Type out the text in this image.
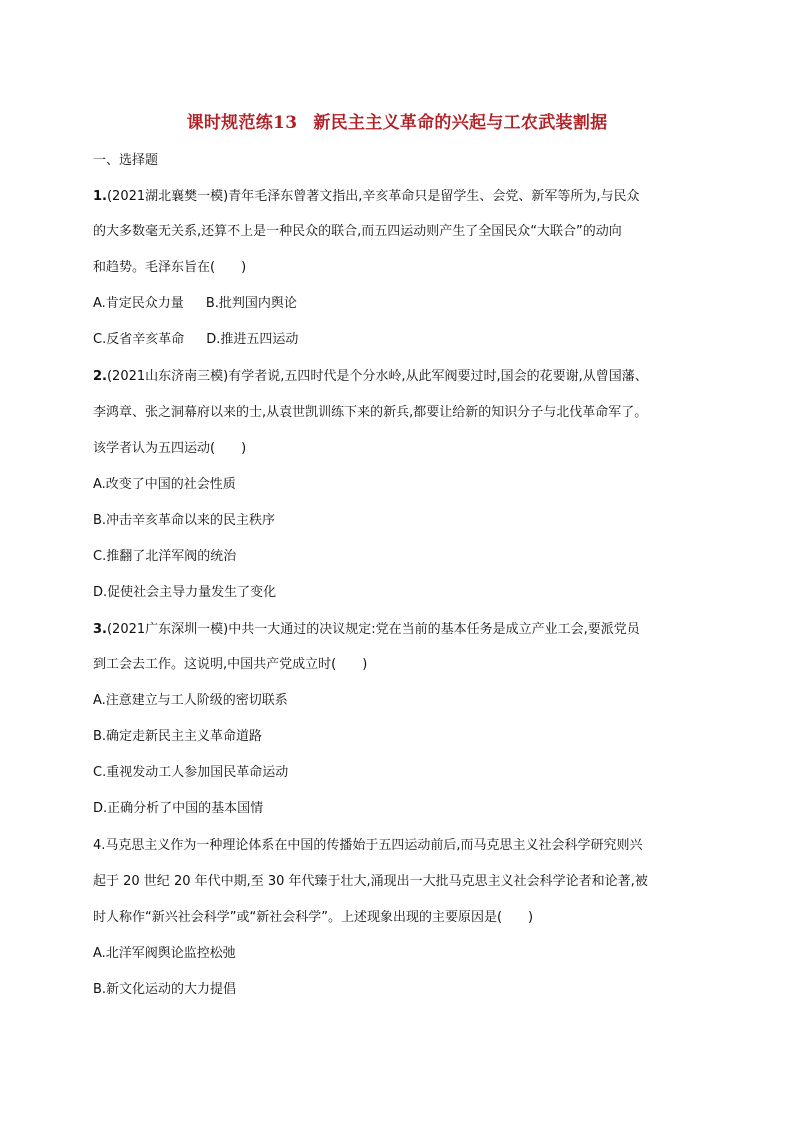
课时规范练13 新民主主义革命的兴起与工农武装割据
一、选择题
1.(2021湖北襄樊一模)青年毛泽东曾著文指出,辛亥革命只是留学生、会党、新军等所为,与民众
的大多数毫无关系,还算不上是一种民众的联合,而五四运动则产生了全国民众“大联合”的动向
和趋势。毛泽东旨在(　　)
A.肯定民众力量 B.批判国内舆论
C.反省辛亥革命 D.推进五四运动
2.(2021山东济南三模)有学者说,五四时代是个分水岭,从此军阀要过时,国会的花要谢,从曾国藩、
李鸿章、张之洞幕府以来的士,从袁世凯训练下来的新兵,都要让给新的知识分子与北伐革命军了。
该学者认为五四运动(　　)
A.改变了中国的社会性质
B.冲击辛亥革命以来的民主秩序
C.推翻了北洋军阀的统治
D.促使社会主导力量发生了变化
3.(2021广东深圳一模)中共一大通过的决议规定:党在当前的基本任务是成立产业工会,要派党员
到工会去工作。这说明,中国共产党成立时(　　)
A.注意建立与工人阶级的密切联系
B.确定走新民主主义革命道路
C.重视发动工人参加国民革命运动
D.正确分析了中国的基本国情
4.马克思主义作为一种理论体系在中国的传播始于五四运动前后,而马克思主义社会科学研究则兴
起于 20 世纪 20 年代中期,至 30 年代臻于壮大,涌现出一大批马克思主义社会科学论者和论著,被
时人称作“新兴社会科学”或“新社会科学”。上述现象出现的主要原因是(　　)
A.北洋军阀舆论监控松弛
B.新文化运动的大力提倡
